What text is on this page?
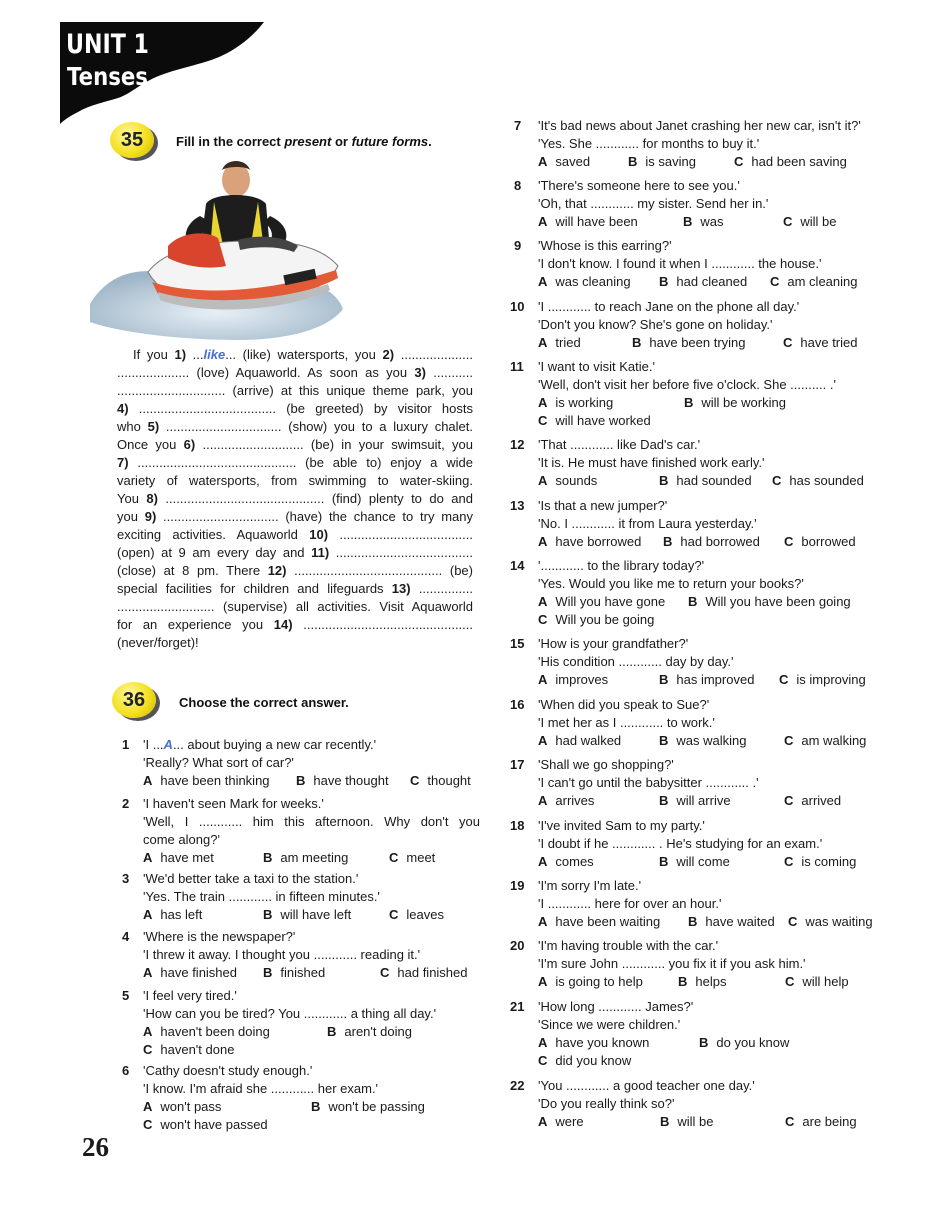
UNIT 1
Tenses
35	Fill in the correct present or future forms.
If you 1) ...like... (like) watersports, you 2) ....................
.................... (love) Aquaworld. As soon as you 3) ...........
.............................. (arrive) at this unique theme park, you
4) ...................................... (be greeted) by visitor hosts
who 5) ................................ (show) you to a luxury chalet.
Once you 6) ............................ (be) in your swimsuit, you
7) ............................................ (be able to) enjoy a wide
variety of watersports, from swimming to water-skiing.
You 8) ............................................ (find) plenty to do and
you 9) ................................ (have) the chance to try many
exciting activities. Aquaworld 10) .....................................
(open) at 9 am every day and 11) ......................................
(close) at 8 pm. There 12) ......................................... (be)
special facilities for children and lifeguards 13) ...............
........................... (supervise) all activities. Visit Aquaworld
for an experience you 14) ...............................................
(never/forget)!
36	Choose the correct answer.
1 'I ...A... about buying a new car recently.'
'Really? What sort of car?'
A have been thinking B have thought C thought
2 'I haven't seen Mark for weeks.'
'Well, I ............ him this afternoon. Why don't you
come along?'
A have met	B am meeting	C meet
3 'We'd better take a taxi to the station.'
'Yes. The train ............ in fifteen minutes.'
A has left	B will have left	C leaves
4 'Where is the newspaper?'
'I threw it away. I thought you ............ reading it.'
A have finished B finished	C had finished
5 'I feel very tired.'
'How can you be tired? You ............ a thing all day.'
A haven't been doing	B aren't doing
C haven't done
6 'Cathy doesn't study enough.'
'I know. I'm afraid she ............ her exam.'
A won't pass	B won't be passing
C won't have passed
7 'It's bad news about Janet crashing her new car, isn't it?'
'Yes. She ............ for months to buy it.'
A saved	B is saving	C had been saving
8 'There's someone here to see you.'
'Oh, that ............ my sister. Send her in.'
A will have been	B was	C will be
9 'Whose is this earring?'
'I don't know. I found it when I ............ the house.'
A was cleaning B had cleaned C am cleaning
10 'I ............ to reach Jane on the phone all day.'
'Don't you know? She's gone on holiday.'
A tried	B have been trying	C have tried
11 'I want to visit Katie.'
'Well, don't visit her before five o'clock. She .......... .'
A is working	B will be working
C will have worked
12 'That ............ like Dad's car.'
'It is. He must have finished work early.'
A sounds	B had sounded C has sounded
13 'Is that a new jumper?'
'No. I ............ it from Laura yesterday.'
A have borrowed B had borrowed C borrowed
14 '............ to the library today?'
'Yes. Would you like me to return your books?'
A Will you have gone B Will you have been going
C Will you be going
15 'How is your grandfather?'
'His condition ............ day by day.'
A improves	B has improved C is improving
16 'When did you speak to Sue?'
'I met her as I ............ to work.'
A had walked	B was walking	C am walking
17 'Shall we go shopping?'
'I can't go until the babysitter ............ .'
A arrives	B will arrive	C arrived
18 'I've invited Sam to my party.'
'I doubt if he ............ . He's studying for an exam.'
A comes	B will come	C is coming
19 'I'm sorry I'm late.'
'I ............ here for over an hour.'
A have been waiting B have waited C was waiting
20 'I'm having trouble with the car.'
'I'm sure John ............ you fix it if you ask him.'
A is going to help	B helps	C will help
21 'How long ............ James?'
'Since we were children.'
A have you known	B do you know
C did you know
22 'You ............ a good teacher one day.'
'Do you really think so?'
A were	B will be	C are being
26
